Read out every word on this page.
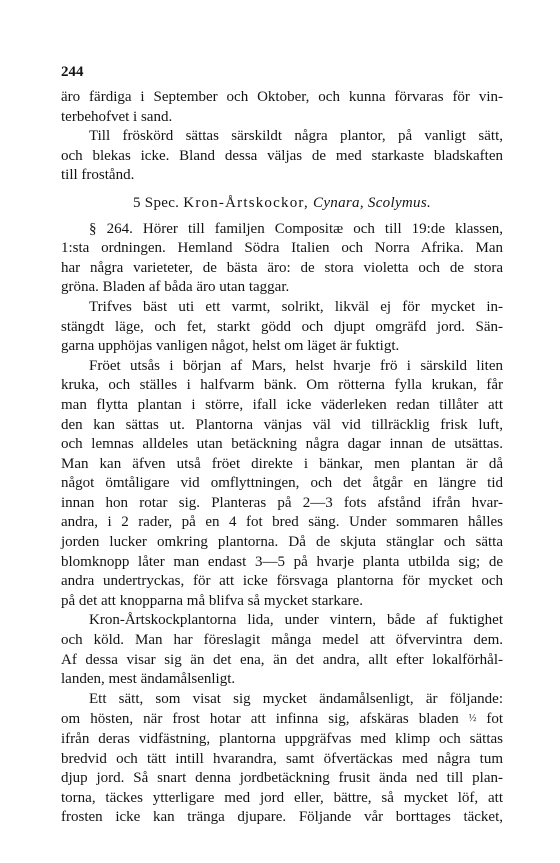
244
äro färdiga i September och Oktober, och kunna förvaras för vin-
terbehofvet i sand.
Till fröskörd sättas särskildt några plantor, på vanligt sätt,
och blekas icke. Bland dessa väljas de med starkaste bladskaften
till frostånd.
5 Spec. Kron-Årtskockor, Cynara, Scolymus.
§ 264. Hörer till familjen Compositæ och till 19:de klassen,
1:sta ordningen. Hemland Södra Italien och Norra Afrika. Man
har några varieteter, de bästa äro: de stora violetta och de stora
gröna. Bladen af båda äro utan taggar.
Trifves bäst uti ett varmt, solrikt, likväl ej för mycket in-
stängdt läge, och fet, starkt gödd och djupt omgräfd jord. Sän-
garna upphöjas vanligen något, helst om läget är fuktigt.
Fröet utsås i början af Mars, helst hvarje frö i särskild liten
kruka, och ställes i halfvarm bänk. Om rötterna fylla krukan, får
man flytta plantan i större, ifall icke väderleken redan tillåter att
den kan sättas ut. Plantorna vänjas väl vid tillräcklig frisk luft,
och lemnas alldeles utan betäckning några dagar innan de utsättas.
Man kan äfven utså fröet direkte i bänkar, men plantan är då
något ömtåligare vid omflyttningen, och det åtgår en längre tid
innan hon rotar sig. Planteras på 2—3 fots afstånd ifrån hvar-
andra, i 2 rader, på en 4 fot bred säng. Under sommaren hålles
jorden lucker omkring plantorna. Då de skjuta stänglar och sätta
blomknopp låter man endast 3—5 på hvarje planta utbilda sig; de
andra undertryckas, för att icke försvaga plantorna för mycket och
på det att knopparna må blifva så mycket starkare.
Kron-Årtskockplantorna lida, under vintern, både af fuktighet
och köld. Man har föreslagit många medel att öfvervintra dem.
Af dessa visar sig än det ena, än det andra, allt efter lokalförhål-
landen, mest ändamålsenligt.
Ett sätt, som visat sig mycket ändamålsenligt, är följande:
om hösten, när frost hotar att infinna sig, afskäras bladen ½ fot
ifrån deras vidfästning, plantorna uppgräfvas med klimp och sättas
bredvid och tätt intill hvarandra, samt öfvertäckas med några tum
djup jord. Så snart denna jordbetäckning frusit ända ned till plan-
torna, täckes ytterligare med jord eller, bättre, så mycket löf, att
frosten icke kan tränga djupare. Följande vår borttages täcket,
